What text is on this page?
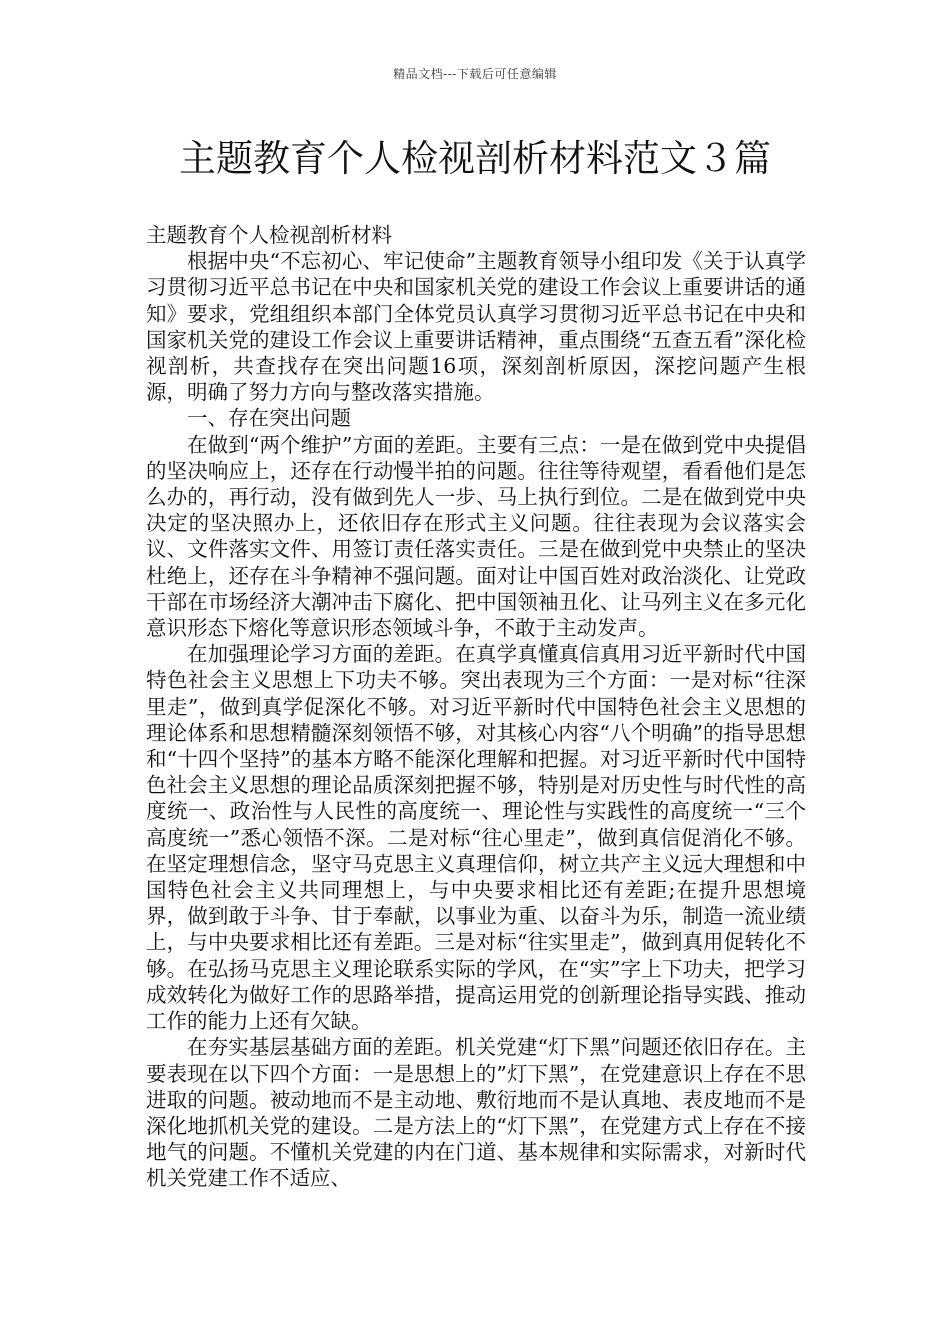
精品文档---下载后可任意编辑
主题教育个人检视剖析材料范文３篇

主题教育个人检视剖析材料

根据中央“不忘初心、牢记使命”主题教育领导小组印发《关于认真学习贯彻习近平总书记在中央和国家机关党的建设工作会议上重要讲话的通知》要求，党组组织本部门全体党员认真学习贯彻习近平总书记在中央和国家机关党的建设工作会议上重要讲话精神，重点围绕“五查五看”深化检视剖析，共查找存在突出问题16项，深刻剖析原因，深挖问题产生根源，明确了努力方向与整改落实措施。

一、存在突出问题

在做到“两个维护”方面的差距。主要有三点：一是在做到党中央提倡的坚决响应上，还存在行动慢半拍的问题。往往等待观望，看看他们是怎么办的，再行动，没有做到先人一步、马上执行到位。二是在做到党中央决定的坚决照办上，还依旧存在形式主义问题。往往表现为会议落实会议、文件落实文件、用签订责任落实责任。三是在做到党中央禁止的坚决杜绝上，还存在斗争精神不强问题。面对让中国百姓对政治淡化、让党政干部在市场经济大潮冲击下腐化、把中国领袖丑化、让马列主义在多元化意识形态下熔化等意识形态领域斗争，不敢于主动发声。

在加强理论学习方面的差距。在真学真懂真信真用习近平新时代中国特色社会主义思想上下功夫不够。突出表现为三个方面：一是对标“往深里走”，做到真学促深化不够。对习近平新时代中国特色社会主义思想的理论体系和思想精髓深刻领悟不够，对其核心内容“八个明确”的指导思想和“十四个坚持”的基本方略不能深化理解和把握。对习近平新时代中国特色社会主义思想的理论品质深刻把握不够，特别是对历史性与时代性的高度统一、政治性与人民性的高度统一、理论性与实践性的高度统一“三个高度统一”悉心领悟不深。二是对标“往心里走”，做到真信促消化不够。在坚定理想信念，坚守马克思主义真理信仰，树立共产主义远大理想和中国特色社会主义共同理想上，与中央要求相比还有差距;在提升思想境界，做到敢于斗争、甘于奉献，以事业为重、以奋斗为乐，制造一流业绩上，与中央要求相比还有差距。三是对标“往实里走”，做到真用促转化不够。在弘扬马克思主义理论联系实际的学风，在“实”字上下功夫，把学习成效转化为做好工作的思路举措，提高运用党的创新理论指导实践、推动工作的能力上还有欠缺。

在夯实基层基础方面的差距。机关党建“灯下黑”问题还依旧存在。主要表现在以下四个方面：一是思想上的”灯下黑”，在党建意识上存在不思进取的问题。被动地而不是主动地、敷衍地而不是认真地、表皮地而不是深化地抓机关党的建设。二是方法上的“灯下黑”，在党建方式上存在不接地气的问题。不懂机关党建的内在门道、基本规律和实际需求，对新时代机关党建工作不适应、
